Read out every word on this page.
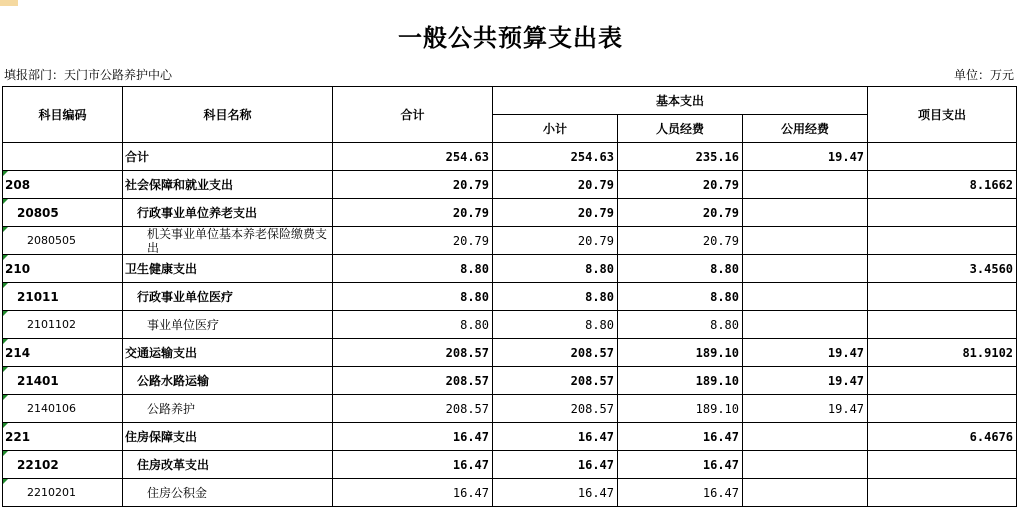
一般公共预算支出表
填报部门：天门市公路养护中心	单位：万元
科目编码	科目名称	合计	基本支出			项目支出
			小计	人员经费	公用经费	
	合计	254.63	254.63	235.16	19.47	

208	社会保障和就业支出	20.79	20.79	20.79		8.1662

20805	行政事业单位养老支出	20.79	20.79	20.79		

2080505	机关事业单位基本养老保险缴费支出	20.79	20.79	20.79		

210	卫生健康支出	8.80	8.80	8.80		3.4560

21011	行政事业单位医疗	8.80	8.80	8.80		

2101102	事业单位医疗	8.80	8.80	8.80		

214	交通运输支出	208.57	208.57	189.10	19.47	81.9102

21401	公路水路运输	208.57	208.57	189.10	19.47	

2140106	公路养护	208.57	208.57	189.10	19.47	

221	住房保障支出	16.47	16.47	16.47		6.4676

22102	住房改革支出	16.47	16.47	16.47		

2210201	住房公积金	16.47	16.47	16.47		
